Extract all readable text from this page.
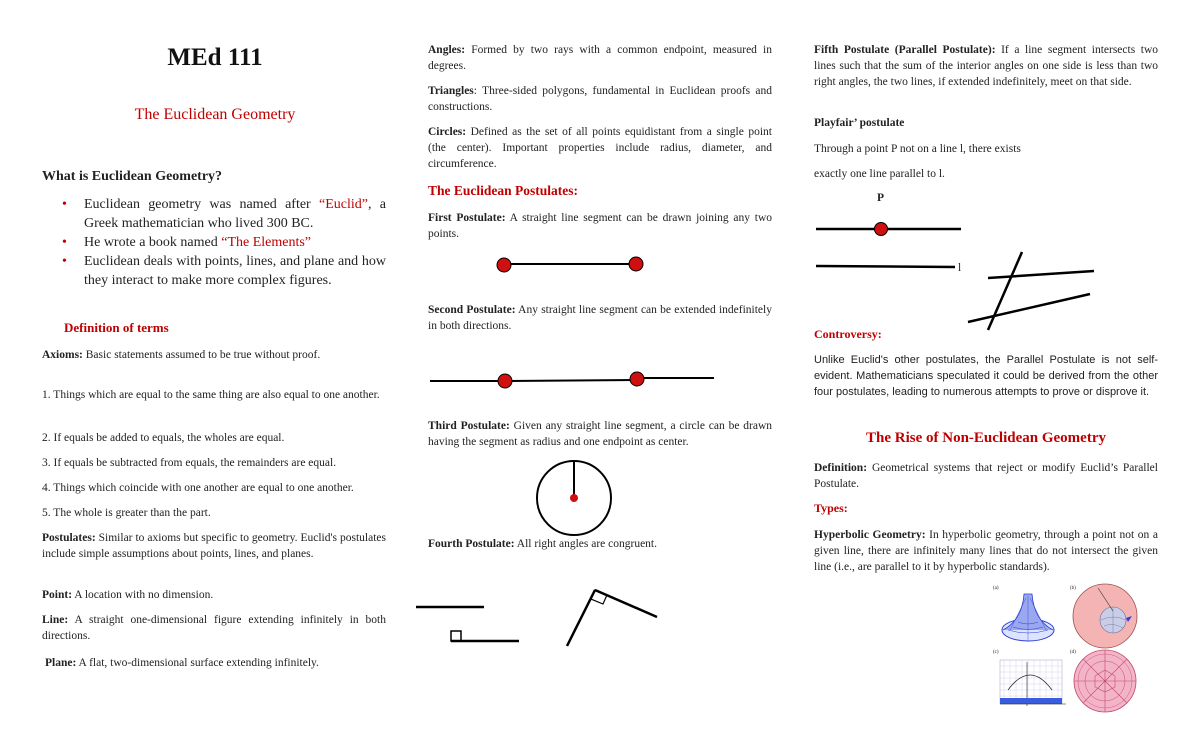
MEd 111
The Euclidean Geometry
What is Euclidean Geometry?
• Euclidean geometry was named after “Euclid”, a Greek mathematician who lived 300 BC.
• He wrote a book named “The Elements”
• Euclidean deals with points, lines, and plane and how they interact to make more complex figures.
Definition of terms
Axioms: Basic statements assumed to be true without proof.
1. Things which are equal to the same thing are also equal to one another.
2. If equals be added to equals, the wholes are equal.
3. If equals be subtracted from equals, the remainders are equal.
4. Things which coincide with one another are equal to one another.
5. The whole is greater than the part.
Postulates: Similar to axioms but specific to geometry. Euclid's postulates include simple assumptions about points, lines, and planes.
Point: A location with no dimension.
Line: A straight one-dimensional figure extending infinitely in both directions.
Plane: A flat, two-dimensional surface extending infinitely.
Angles: Formed by two rays with a common endpoint, measured in degrees.
Triangles: Three-sided polygons, fundamental in Euclidean proofs and constructions.
Circles: Defined as the set of all points equidistant from a single point (the center). Important properties include radius, diameter, and circumference.
The Euclidean Postulates:
First Postulate: A straight line segment can be drawn joining any two points.
Second Postulate: Any straight line segment can be extended indefinitely in both directions.
Third Postulate: Given any straight line segment, a circle can be drawn having the segment as radius and one endpoint as center.
Fourth Postulate: All right angles are congruent.
Fifth Postulate (Parallel Postulate): If a line segment intersects two lines such that the sum of the interior angles on one side is less than two right angles, the two lines, if extended indefinitely, meet on that side.
Playfair’ postulate
Through a point P not on a line l, there exists
exactly one line parallel to l.
P
l
Controversy:
Unlike Euclid's other postulates, the Parallel Postulate is not self-evident. Mathematicians speculated it could be derived from the other four postulates, leading to numerous attempts to prove or disprove it.
The Rise of Non-Euclidean Geometry
Definition: Geometrical systems that reject or modify Euclid’s Parallel Postulate.
Types:
Hyperbolic Geometry: In hyperbolic geometry, through a point not on a given line, there are infinitely many lines that do not intersect the given line (i.e., are parallel to it by hyperbolic standards).
(a)	(b)
(c)	(d)
